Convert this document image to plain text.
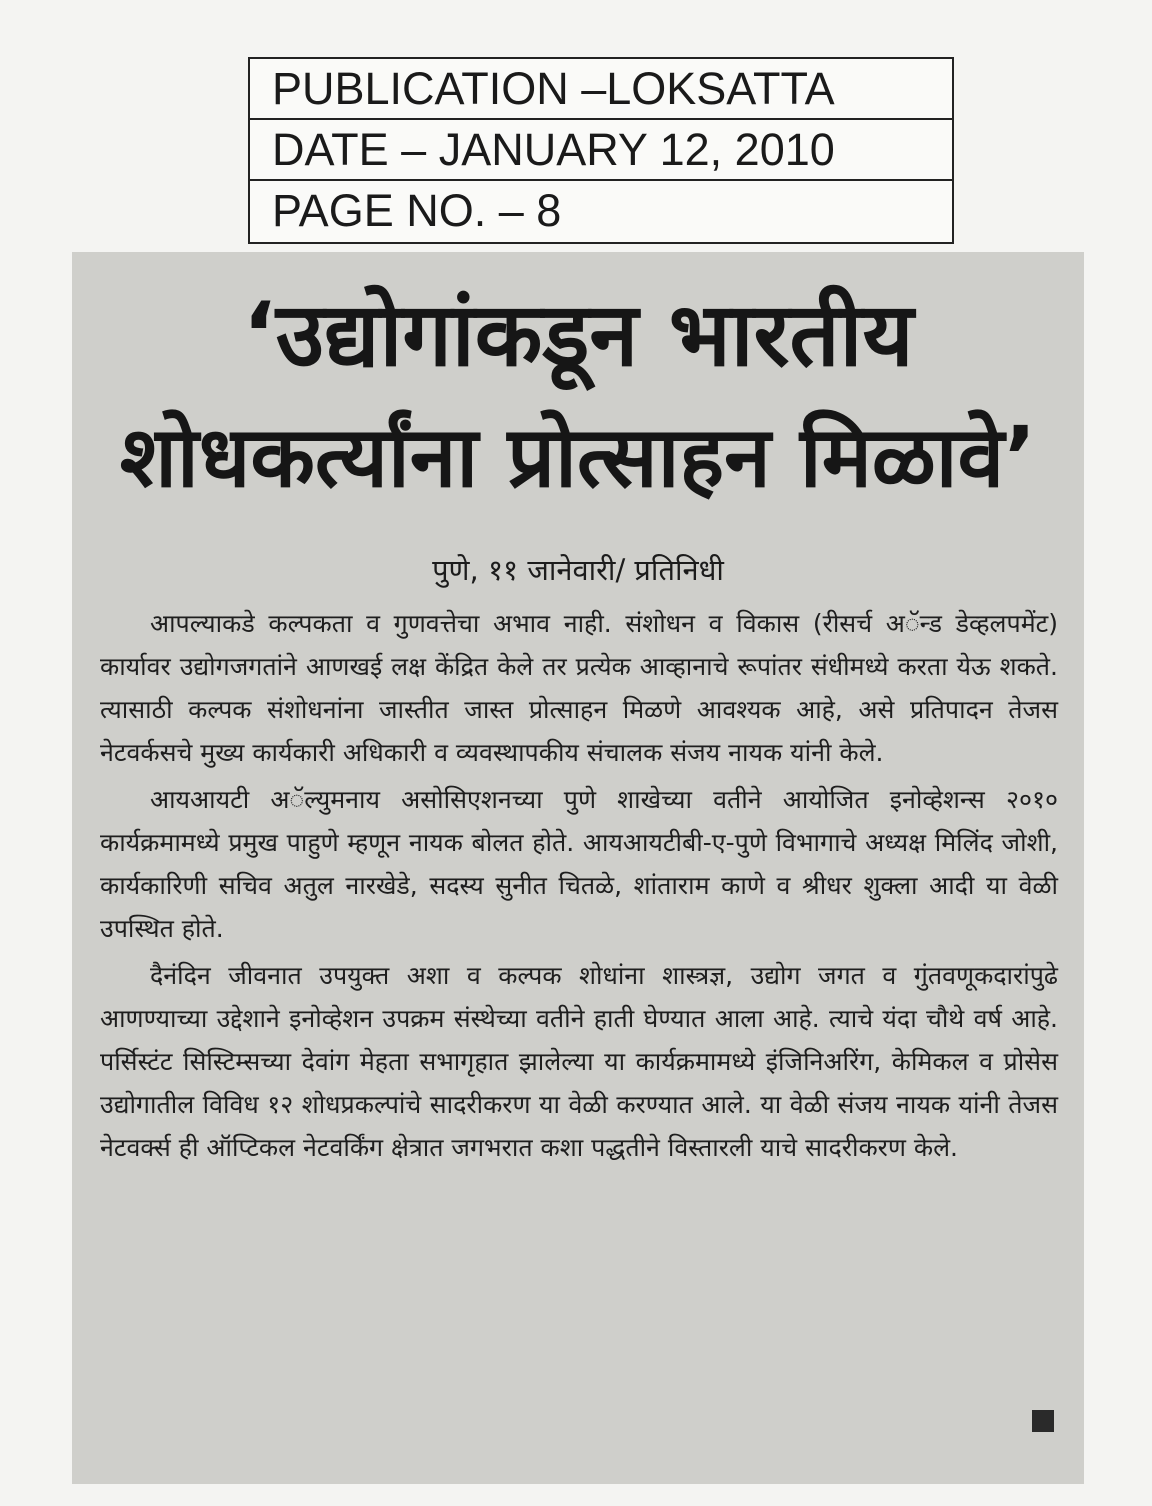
PUBLICATION –LOKSATTA
DATE – JANUARY 12, 2010
PAGE NO. – 8
‘उद्योगांकडून भारतीय
शोधकर्त्यांना प्रोत्साहन मिळावे’
पुणे, ११ जानेवारी/ प्रतिनिधी

आपल्याकडे कल्पकता व गुणवत्तेचा अभाव नाही. संशोधन व विकास (रीसर्च अॅन्ड डेव्हलपमेंट) कार्यावर उद्योगजगतांने आणखई लक्ष केंद्रित केले तर प्रत्येक आव्हानाचे रूपांतर संधीमध्ये करता येऊ शकते. त्यासाठी कल्पक संशोधनांना जास्तीत जास्त प्रोत्साहन मिळणे आवश्यक आहे, असे प्रतिपादन तेजस नेटवर्कसचे मुख्य कार्यकारी अधिकारी व व्यवस्थापकीय संचालक संजय नायक यांनी केले.

आयआयटी अॅल्युमनाय असोसिएशनच्या पुणे शाखेच्या वतीने आयोजित इनोव्हेशन्स २०१० कार्यक्रमामध्ये प्रमुख पाहुणे म्हणून नायक बोलत होते. आयआयटीबी-ए-पुणे विभागाचे अध्यक्ष मिलिंद जोशी, कार्यकारिणी सचिव अतुल नारखेडे, सदस्य सुनीत चितळे, शांताराम काणे व श्रीधर शुक्ला आदी या वेळी उपस्थित होते.

दैनंदिन जीवनात उपयुक्त अशा व कल्पक शोधांना शास्त्रज्ञ, उद्योग जगत व गुंतवणूकदारांपुढे आणण्याच्या उद्देशाने इनोव्हेशन उपक्रम संस्थेच्या वतीने हाती घेण्यात आला आहे. त्याचे यंदा चौथे वर्ष आहे. पर्सिस्टंट सिस्टिम्सच्या देवांग मेहता सभागृहात झालेल्या या कार्यक्रमामध्ये इंजिनिअरिंग, केमिकल व प्रोसेस उद्योगातील विविध १२ शोधप्रकल्पांचे सादरीकरण या वेळी करण्यात आले. या वेळी संजय नायक यांनी तेजस नेटवर्क्स ही ऑप्टिकल नेटवर्किंग क्षेत्रात जगभरात कशा पद्धतीने विस्तारली याचे सादरीकरण केले.
